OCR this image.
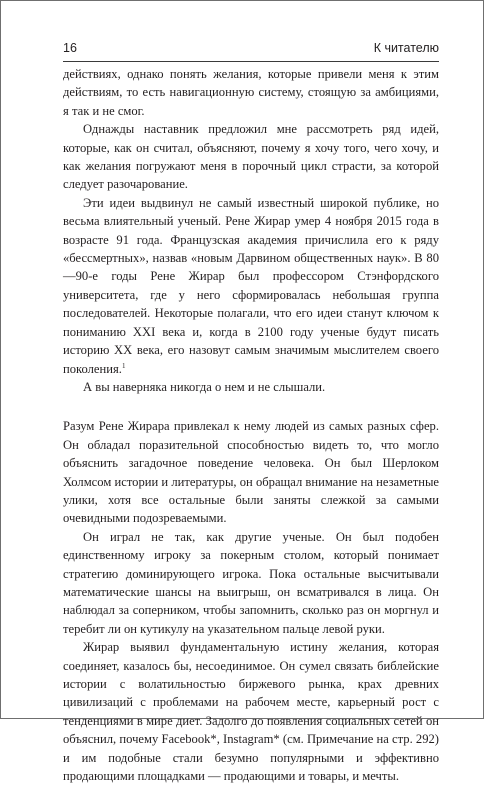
16	К читателю

действиях, однако понять желания, которые привели меня к этим действиям, то есть навигационную систему, стоящую за амбициями, я так и не смог.

Однажды наставник предложил мне рассмотреть ряд идей, которые, как он считал, объясняют, почему я хочу того, чего хочу, и как желания погружают меня в порочный цикл страсти, за которой следует разочарование.

Эти идеи выдвинул не самый известный широкой публике, но весьма влиятельный ученый. Рене Жирар умер 4 ноября 2015 года в возрасте 91 года. Французская академия причислила его к ряду «бессмертных», назвав «новым Дарвином общественных наук». В 80—90-е годы Рене Жирар был профессором Стэнфордского университета, где у него сформировалась небольшая группа последователей. Некоторые полагали, что его идеи станут ключом к пониманию XXI века и, когда в 2100 году ученые будут писать историю XX века, его назовут самым значимым мыслителем своего поколения.$^1$

А вы наверняка никогда о нем и не слышали.

Разум Рене Жирара привлекал к нему людей из самых разных сфер. Он обладал поразительной способностью видеть то, что могло объяснить загадочное поведение человека. Он был Шерлоком Холмсом истории и литературы, он обращал внимание на незаметные улики, хотя все остальные были заняты слежкой за самыми очевидными подозреваемыми.

Он играл не так, как другие ученые. Он был подобен единственному игроку за покерным столом, который понимает стратегию доминирующего игрока. Пока остальные высчитывали математические шансы на выигрыш, он всматривался в лица. Он наблюдал за соперником, чтобы запомнить, сколько раз он моргнул и теребит ли он кутикулу на указательном пальце левой руки.

Жирар выявил фундаментальную истину желания, которая соединяет, казалось бы, несоединимое. Он сумел связать библейские истории с волатильностью биржевого рынка, крах древних цивилизаций с проблемами на рабочем месте, карьерный рост с тенденциями в мире диет. Задолго до появления социальных сетей он объяснил, почему Facebook*, Instagram* (см. Примечание на стр. 292) и им подобные стали безумно популярными и эффективно продающими площадками — продающими и товары, и мечты.
